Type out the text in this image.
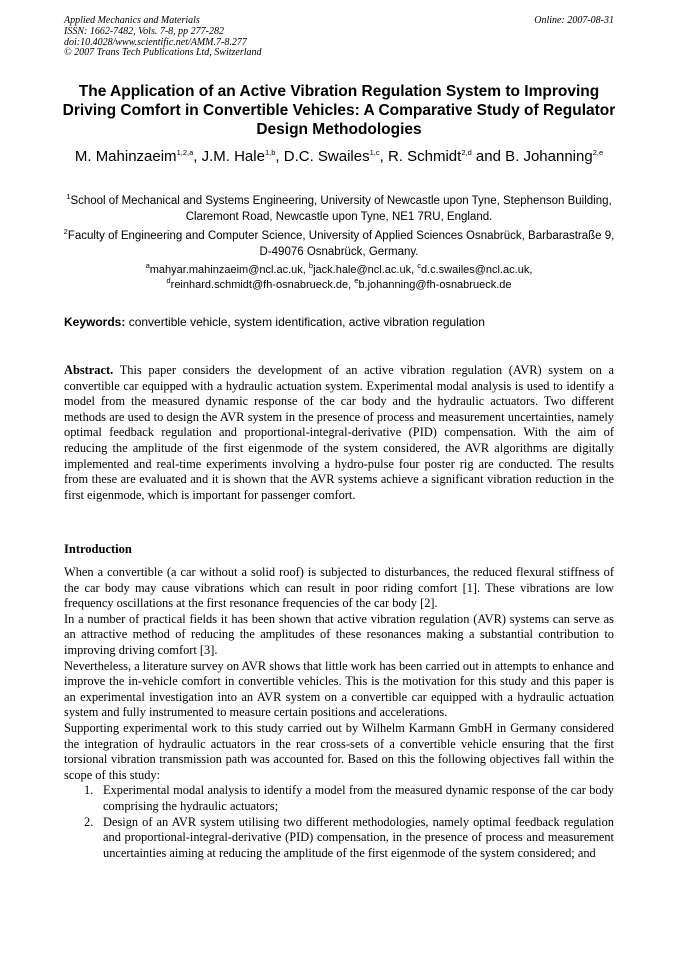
Applied Mechanics and Materials
ISSN: 1662-7482, Vols. 7-8, pp 277-282
doi:10.4028/www.scientific.net/AMM.7-8.277
© 2007 Trans Tech Publications Ltd, Switzerland
Online: 2007-08-31
The Application of an Active Vibration Regulation System to Improving Driving Comfort in Convertible Vehicles: A Comparative Study of Regulator Design Methodologies
M. Mahinzaeim$^{1,2,a}$, J.M. Hale$^{1,b}$, D.C. Swailes$^{1,c}$, R. Schmidt$^{2,d}$ and B. Johanning$^{2,e}$
$^1$School of Mechanical and Systems Engineering, University of Newcastle upon Tyne, Stephenson Building, Claremont Road, Newcastle upon Tyne, NE1 7RU, England.
$^2$Faculty of Engineering and Computer Science, University of Applied Sciences Osnabrück, Barbarastraße 9, D-49076 Osnabrück, Germany.
$^a$mahyar.mahinzaeim@ncl.ac.uk, $^b$jack.hale@ncl.ac.uk, $^c$d.c.swailes@ncl.ac.uk,
$^d$reinhard.schmidt@fh-osnabrueck.de, $^e$b.johanning@fh-osnabrueck.de
Keywords: convertible vehicle, system identification, active vibration regulation

Abstract. This paper considers the development of an active vibration regulation (AVR) system on a convertible car equipped with a hydraulic actuation system. Experimental modal analysis is used to identify a model from the measured dynamic response of the car body and the hydraulic actuators. Two different methods are used to design the AVR system in the presence of process and measurement uncertainties, namely optimal feedback regulation and proportional-integral-derivative (PID) compensation. With the aim of reducing the amplitude of the first eigenmode of the system considered, the AVR algorithms are digitally implemented and real-time experiments involving a hydro-pulse four poster rig are conducted. The results from these are evaluated and it is shown that the AVR systems achieve a significant vibration reduction in the first eigenmode, which is important for passenger comfort.

Introduction

When a convertible (a car without a solid roof) is subjected to disturbances, the reduced flexural stiffness of the car body may cause vibrations which can result in poor riding comfort [1]. These vibrations are low frequency oscillations at the first resonance frequencies of the car body [2].

In a number of practical fields it has been shown that active vibration regulation (AVR) systems can serve as an attractive method of reducing the amplitudes of these resonances making a substantial contribution to improving driving comfort [3].

Nevertheless, a literature survey on AVR shows that little work has been carried out in attempts to enhance and improve the in-vehicle comfort in convertible vehicles. This is the motivation for this study and this paper is an experimental investigation into an AVR system on a convertible car equipped with a hydraulic actuation system and fully instrumented to measure certain positions and accelerations.

Supporting experimental work to this study carried out by Wilhelm Karmann GmbH in Germany considered the integration of hydraulic actuators in the rear cross-sets of a convertible vehicle ensuring that the first torsional vibration transmission path was accounted for. Based on this the following objectives fall within the scope of this study:

1. Experimental modal analysis to identify a model from the measured dynamic response of the car body comprising the hydraulic actuators;
2. Design of an AVR system utilising two different methodologies, namely optimal feedback regulation and proportional-integral-derivative (PID) compensation, in the presence of process and measurement uncertainties aiming at reducing the amplitude of the first eigenmode of the system considered; and
